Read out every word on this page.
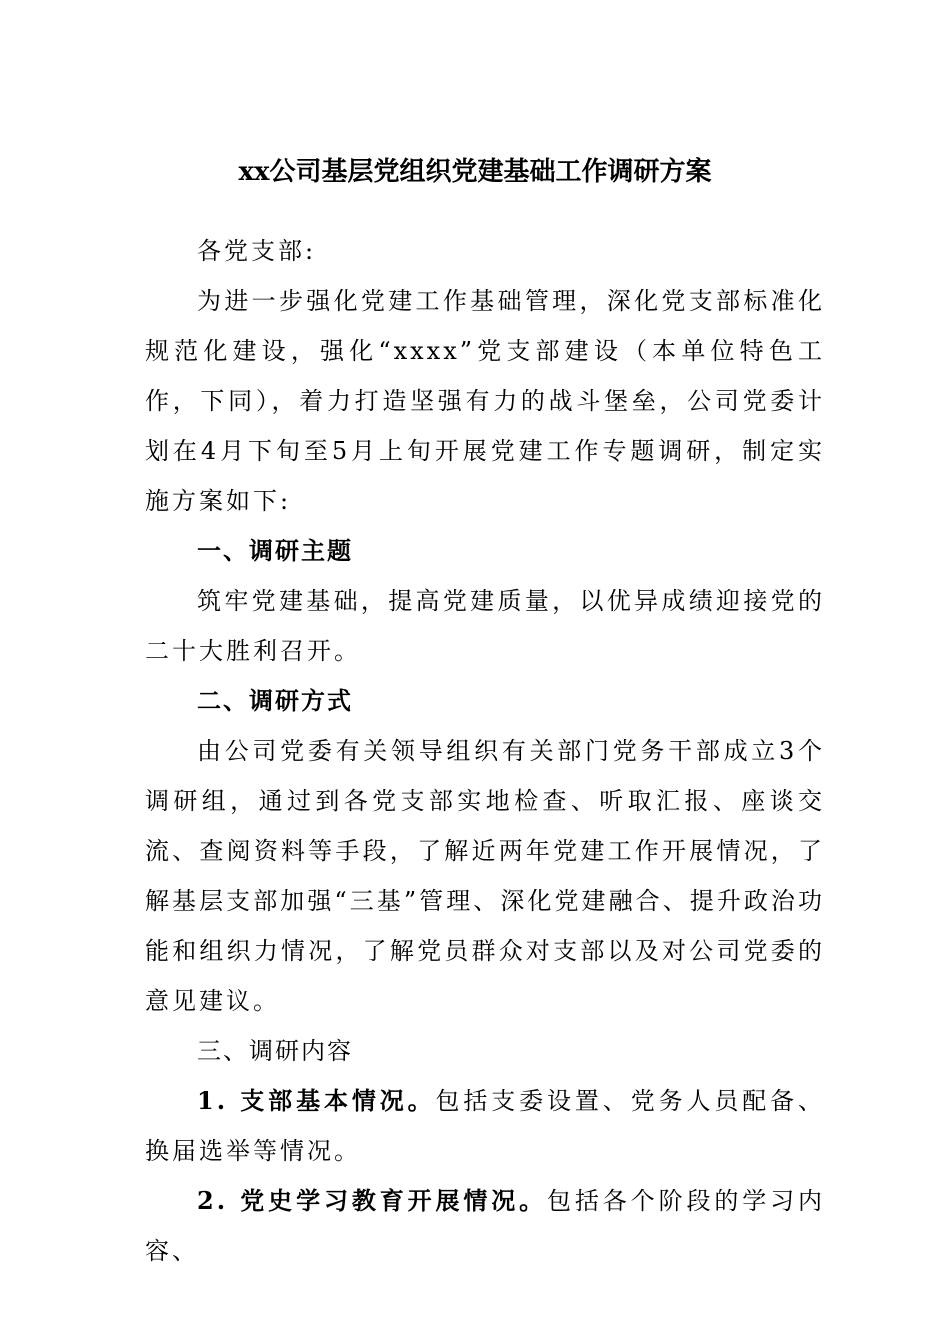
xx公司基层党组织党建基础工作调研方案

各党支部:

为进一步强化党建工作基础管理，深化党支部标准化规范化建设，强化“xxxx”党支部建设（本单位特色工作，下同），着力打造坚强有力的战斗堡垒，公司党委计划在4月下旬至5月上旬开展党建工作专题调研，制定实施方案如下:

一、调研主题

筑牢党建基础，提高党建质量，以优异成绩迎接党的二十大胜利召开。

二、调研方式

由公司党委有关领导组织有关部门党务干部成立3个调研组，通过到各党支部实地检查、听取汇报、座谈交流、查阅资料等手段，了解近两年党建工作开展情况，了解基层支部加强“三基”管理、深化党建融合、提升政治功能和组织力情况，了解党员群众对支部以及对公司党委的意见建议。

三、调研内容

1. 支部基本情况。包括支委设置、党务人员配备、换届选举等情况。

2. 党史学习教育开展情况。包括各个阶段的学习内容、
